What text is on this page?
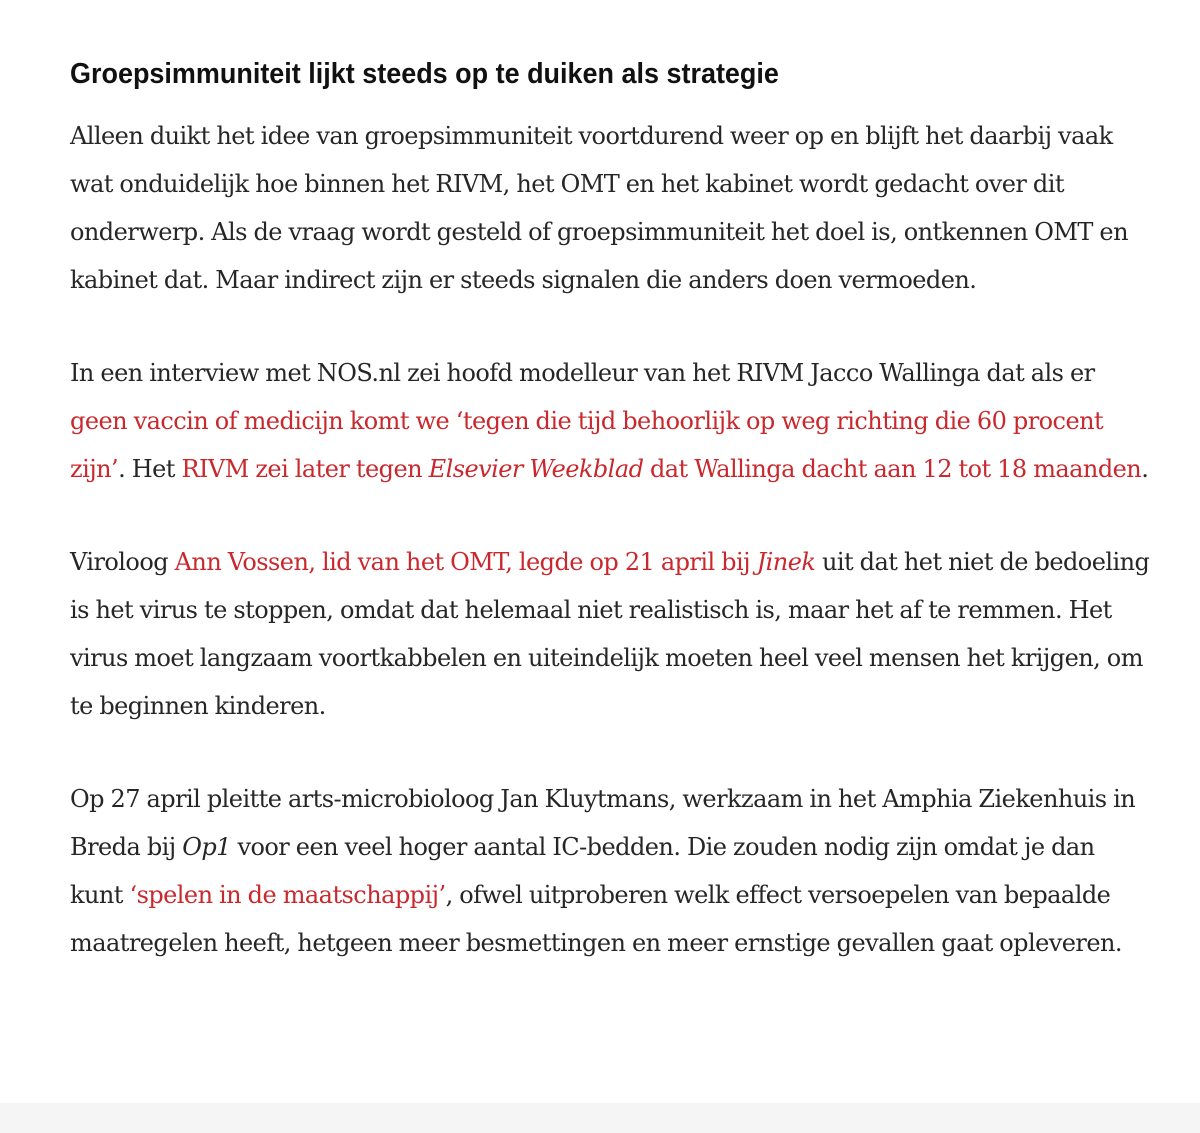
Groepsimmuniteit lijkt steeds op te duiken als strategie

Alleen duikt het idee van groepsimmuniteit voortdurend weer op en blijft het daarbij vaak wat onduidelijk hoe binnen het RIVM, het OMT en het kabinet wordt gedacht over dit onderwerp. Als de vraag wordt gesteld of groepsimmuniteit het doel is, ontkennen OMT en kabinet dat. Maar indirect zijn er steeds signalen die anders doen vermoeden.

In een interview met NOS.nl zei hoofd modelleur van het RIVM Jacco Wallinga dat als er geen vaccin of medicijn komt we ‘tegen die tijd behoorlijk op weg richting die 60 procent zijn’. Het RIVM zei later tegen Elsevier Weekblad dat Wallinga dacht aan 12 tot 18 maanden.

Viroloog Ann Vossen, lid van het OMT, legde op 21 april bij Jinek uit dat het niet de bedoeling is het virus te stoppen, omdat dat helemaal niet realistisch is, maar het af te remmen. Het virus moet langzaam voortkabbelen en uiteindelijk moeten heel veel mensen het krijgen, om te beginnen kinderen.

Op 27 april pleitte arts-microbioloog Jan Kluytmans, werkzaam in het Amphia Ziekenhuis in Breda bij Op1 voor een veel hoger aantal IC-bedden. Die zouden nodig zijn omdat je dan kunt ‘spelen in de maatschappij’, ofwel uitproberen welk effect versoepelen van bepaalde maatregelen heeft, hetgeen meer besmettingen en meer ernstige gevallen gaat opleveren.
